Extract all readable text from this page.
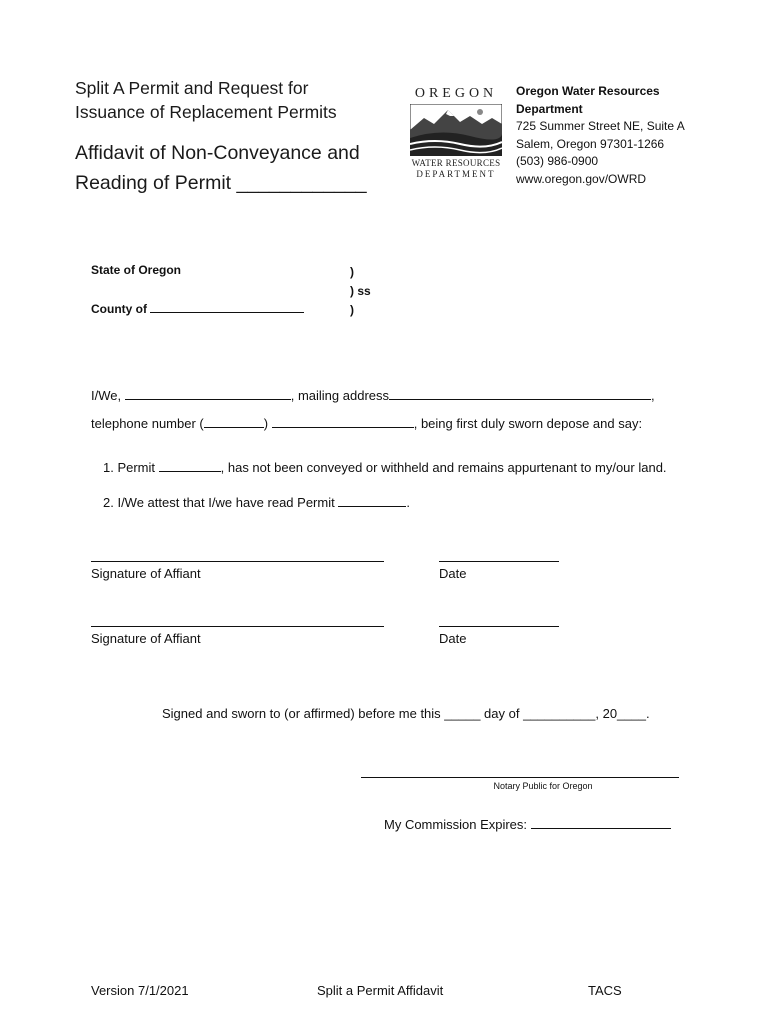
Split A Permit and Request for
Issuance of Replacement Permits
Affidavit of Non-Conveyance and
Reading of Permit ____________
OREGON
WATER RESOURCES
DEPARTMENT
Oregon Water Resources
Department
725 Summer Street NE, Suite A
Salem, Oregon 97301-1266
(503) 986-0900
www.oregon.gov/OWRD
State of Oregon
County of
)
) ss
)
I/We,	, mailing address	,
telephone number (	)	, being first duly sworn depose and say:
1. Permit	, has not been conveyed or withheld and remains appurtenant to my/our land.
2. I/We attest that I/we have read Permit	.
Signature of Affiant	Date
Signature of Affiant	Date
Signed and sworn to (or affirmed) before me this _____ day of __________, 20____.
Notary Public for Oregon
My Commission Expires:
Version 7/1/2021	Split a Permit Affidavit	TACS
